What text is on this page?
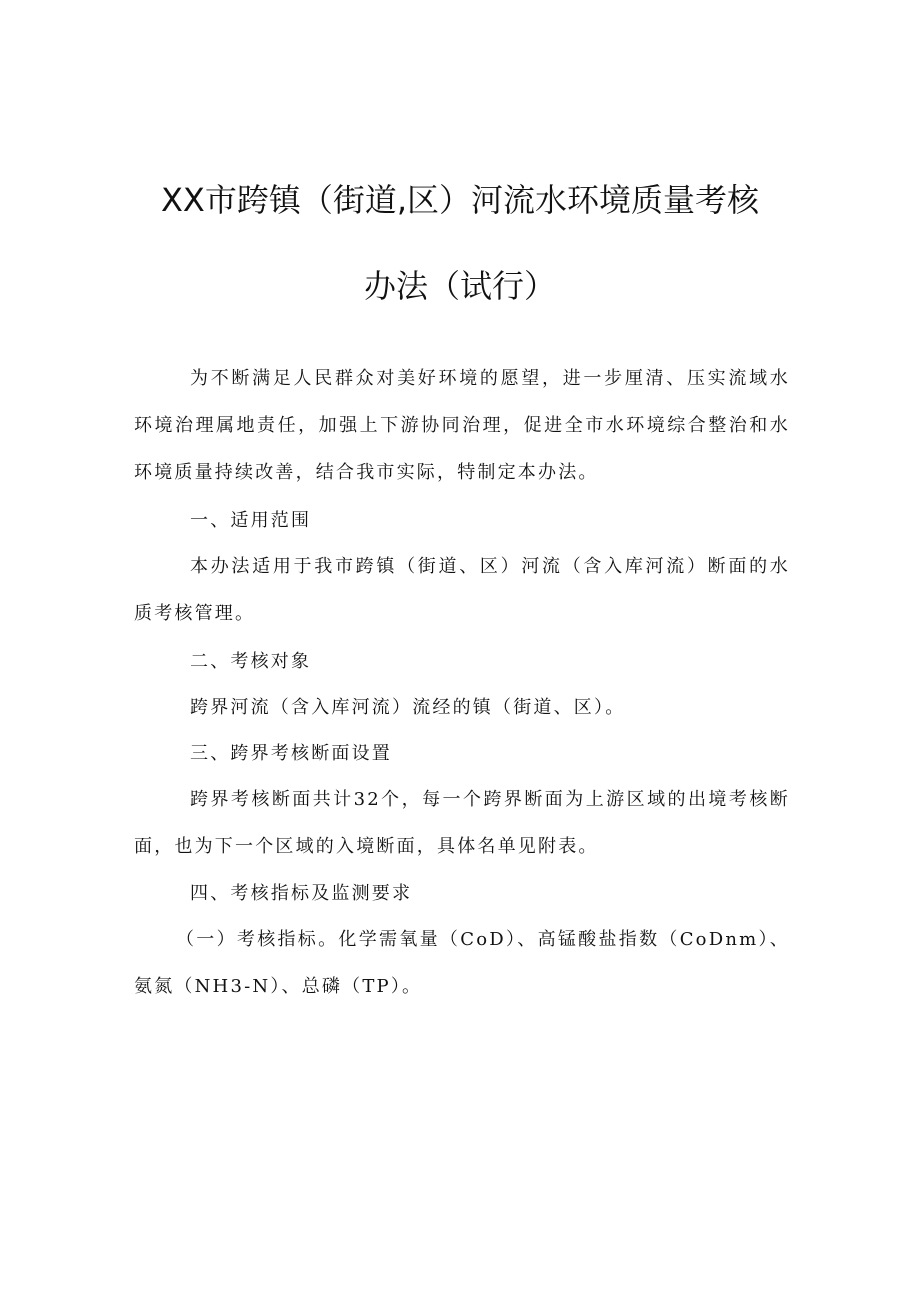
XX市跨镇（街道,区）河流水环境质量考核
办法（试行）

为不断满足人民群众对美好环境的愿望，进一步厘清、压实流域水环境治理属地责任，加强上下游协同治理，促进全市水环境综合整治和水环境质量持续改善，结合我市实际，特制定本办法。

一、适用范围

本办法适用于我市跨镇（街道、区）河流（含入库河流）断面的水质考核管理。

二、考核对象

跨界河流（含入库河流）流经的镇（街道、区）。

三、跨界考核断面设置

跨界考核断面共计32个，每一个跨界断面为上游区域的出境考核断面，也为下一个区域的入境断面，具体名单见附表。

四、考核指标及监测要求

（一）考核指标。化学需氧量（CoD）、高锰酸盐指数（CoDnm）、氨氮（NH3-N）、总磷（TP）。
